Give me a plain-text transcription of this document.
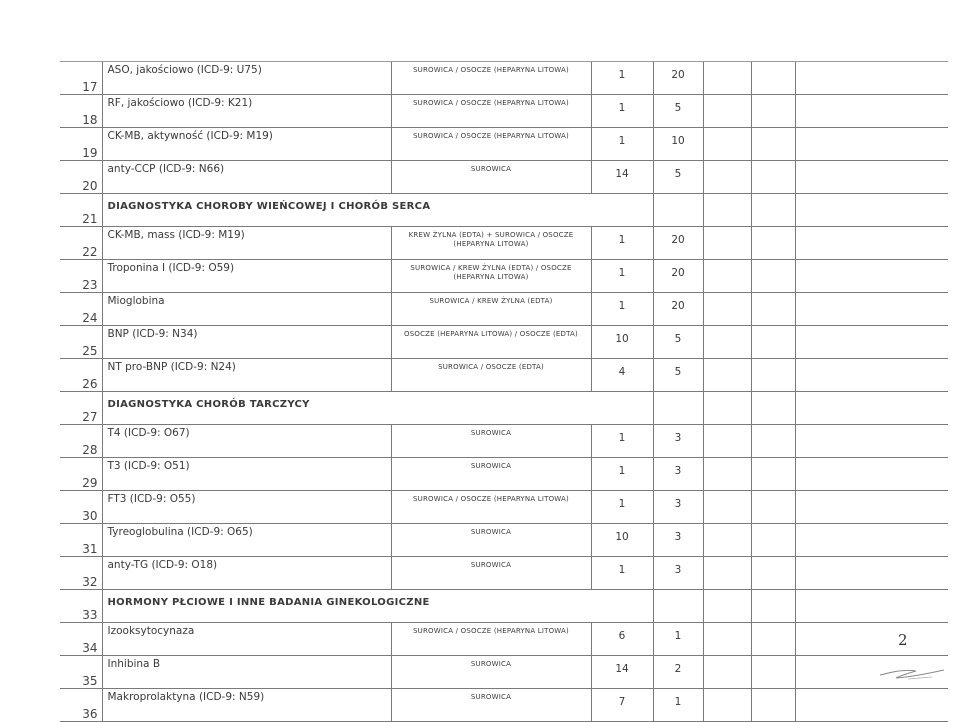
17	ASO, jakościowo (ICD-9: U75)	SUROWICA / OSOCZE (HEPARYNA LITOWA)	1	20			
18	RF, jakościowo (ICD-9: K21)	SUROWICA / OSOCZE (HEPARYNA LITOWA)	1	5			
19	CK-MB, aktywność (ICD-9: M19)	SUROWICA / OSOCZE (HEPARYNA LITOWA)	1	10			
20	anty-CCP (ICD-9: N66)	SUROWICA	14	5			
21	DIAGNOSTYKA CHOROBY WIEŃCOWEJ I CHORÓB SERCA						
22	CK-MB, mass (ICD-9: M19)	KREW ŻYLNA (EDTA) + SUROWICA / OSOCZE (HEPARYNA LITOWA)	1	20			
23	Troponina I (ICD-9: O59)	SUROWICA / KREW ŻYLNA (EDTA) / OSOCZE (HEPARYNA LITOWA)	1	20			
24	Mioglobina	SUROWICA / KREW ŻYLNA (EDTA)	1	20			
25	BNP (ICD-9: N34)	OSOCZE (HEPARYNA LITOWA) / OSOCZE (EDTA)	10	5			
26	NT pro-BNP (ICD-9: N24)	SUROWICA / OSOCZE (EDTA)	4	5			
27	DIAGNOSTYKA CHORÓB TARCZYCY						
28	T4 (ICD-9: O67)	SUROWICA	1	3			
29	T3 (ICD-9: O51)	SUROWICA	1	3			
30	FT3 (ICD-9: O55)	SUROWICA / OSOCZE (HEPARYNA LITOWA)	1	3			
31	Tyreoglobulina (ICD-9: O65)	SUROWICA	10	3			
32	anty-TG (ICD-9: O18)	SUROWICA	1	3			
33	HORMONY PŁCIOWE I INNE BADANIA GINEKOLOGICZNE						
34	Izooksytocynaza	SUROWICA / OSOCZE (HEPARYNA LITOWA)	6	1			
35	Inhibina B	SUROWICA	14	2			
36	Makroprolaktyna (ICD-9: N59)	SUROWICA	7	1			
2
